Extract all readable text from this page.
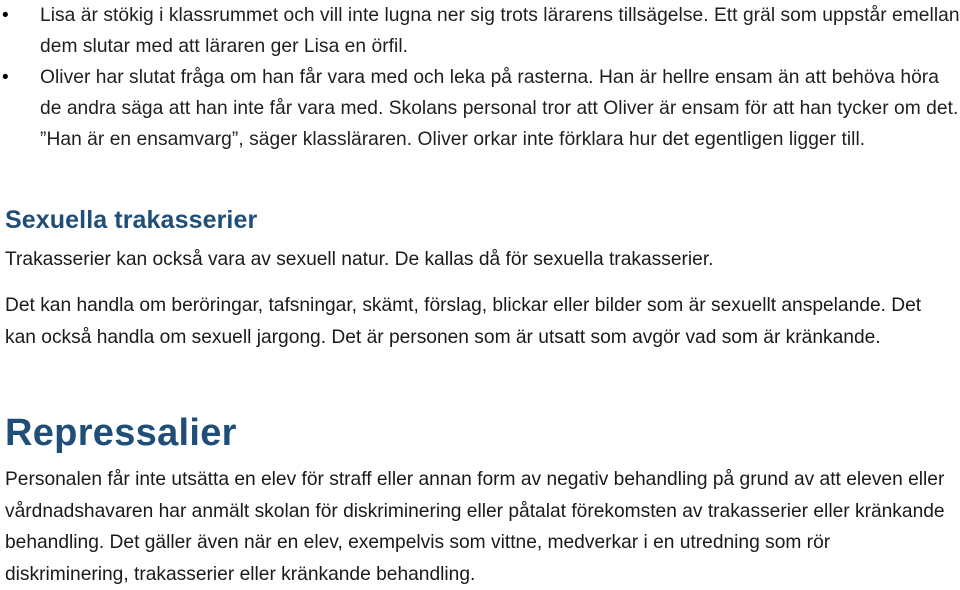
•	Lisa är stökig i klassrummet och vill inte lugna ner sig trots lärarens tillsägelse. Ett gräl som uppstår emellan dem slutar med att läraren ger Lisa en örfil.
•	Oliver har slutat fråga om han får vara med och leka på rasterna. Han är hellre ensam än att behöva höra de andra säga att han inte får vara med. Skolans personal tror att Oliver är ensam för att han tycker om det. ”Han är en ensamvarg”, säger klassläraren. Oliver orkar inte förklara hur det egentligen ligger till.
Sexuella trakasserier

Trakasserier kan också vara av sexuell natur. De kallas då för sexuella trakasserier.

Det kan handla om beröringar, tafsningar, skämt, förslag, blickar eller bilder som är sexuellt anspelande. Det kan också handla om sexuell jargong. Det är personen som är utsatt som avgör vad som är kränkande.

Repressalier

Personalen får inte utsätta en elev för straff eller annan form av negativ behandling på grund av att eleven eller vårdnadshavaren har anmält skolan för diskriminering eller påtalat förekomsten av trakasserier eller kränkande behandling. Det gäller även när en elev, exempelvis som vittne, medverkar i en utredning som rör diskriminering, trakasserier eller kränkande behandling.
